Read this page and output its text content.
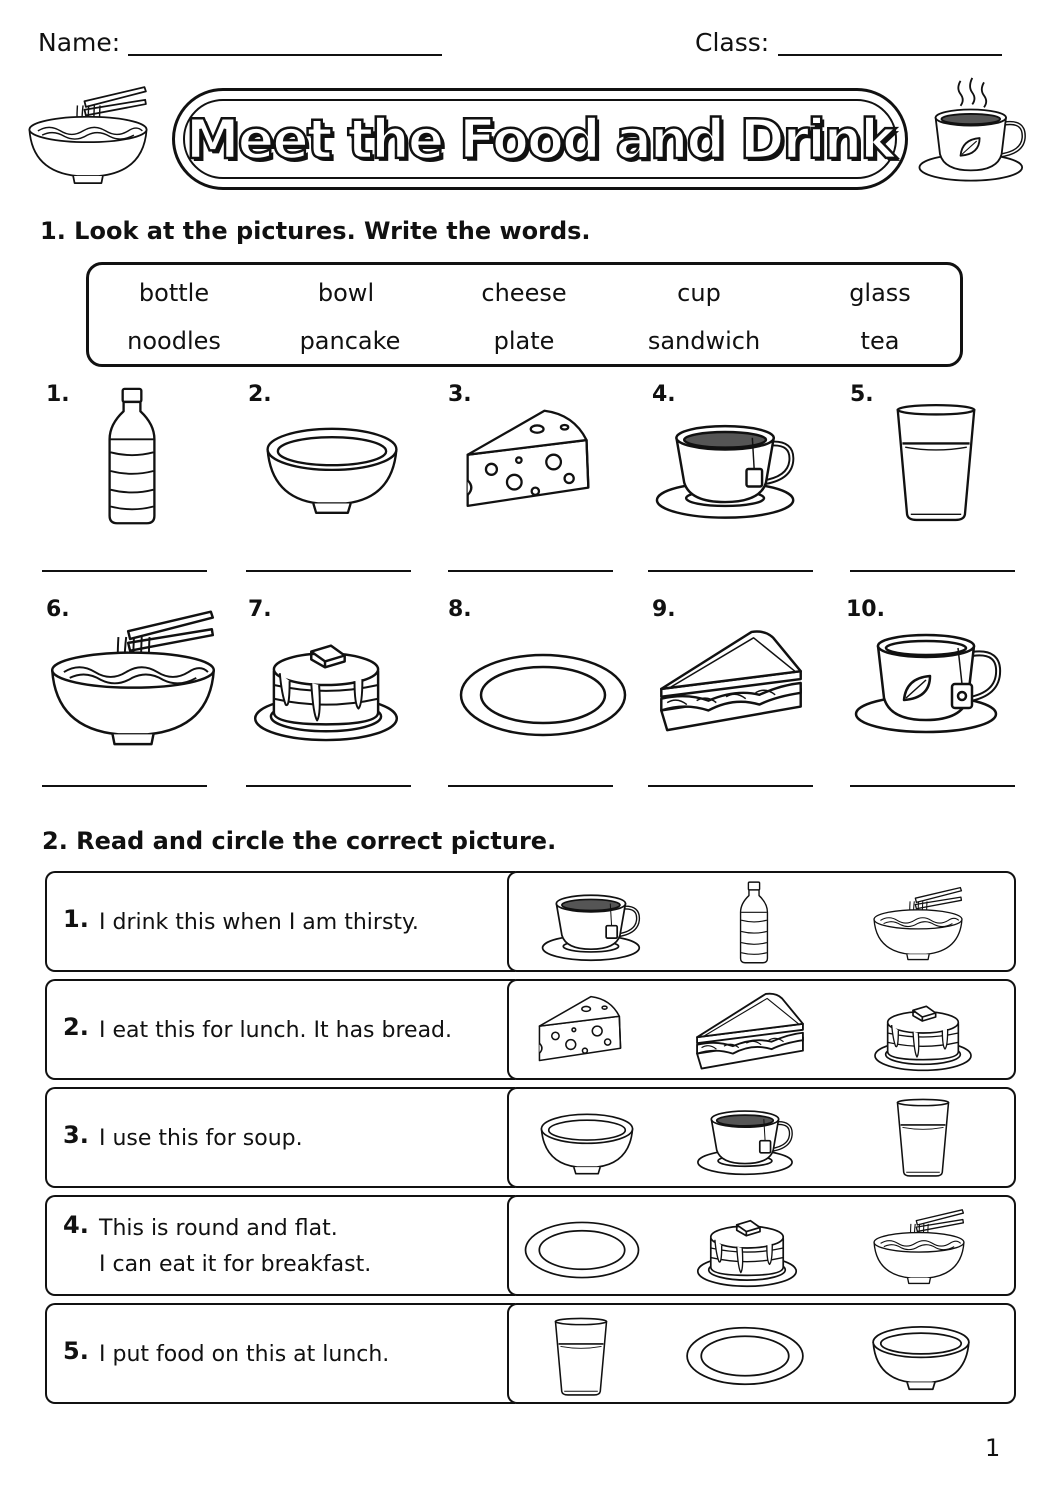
Name:	Class:
Meet the Food and Drink
1. Look at the pictures. Write the words.
bottle	bowl	cheese	cup	glass
noodles	pancake	plate	sandwich	tea
1.	2.	3.	4.	5.
6.	7.	8.	9.	10.
2. Read and circle the correct picture.
1. I drink this when I am thirsty.
2. I eat this for lunch. It has bread.
3. I use this for soup.
4. This is round and flat.
I can eat it for breakfast.
5. I put food on this at lunch.
1
